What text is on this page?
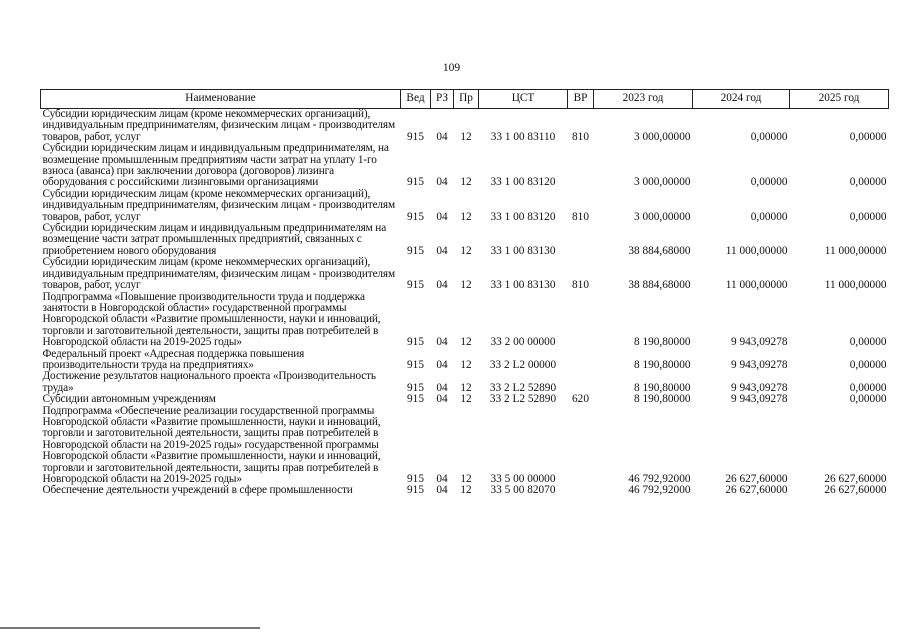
109
Наименование	Вед	РЗ	Пр	ЦСТ	ВР	2023 год	2024 год	2025 год
Субсидии юридическим лицам (кроме некоммерческих организаций), индивидуальным предпринимателям, физическим лицам - производителям товаров, работ, услуг	915	04	12	33 1 00 83110	810	3 000,00000	0,00000	0,00000
Субсидии юридическим лицам и индивидуальным предпринимателям, на возмещение промышленным предприятиям части затрат на уплату 1-го взноса (аванса) при заключении договора (договоров) лизинга оборудования с российскими лизинговыми организациями	915	04	12	33 1 00 83120		3 000,00000	0,00000	0,00000
Субсидии юридическим лицам (кроме некоммерческих организаций), индивидуальным предпринимателям, физическим лицам - производителям товаров, работ, услуг	915	04	12	33 1 00 83120	810	3 000,00000	0,00000	0,00000
Субсидии юридическим лицам и индивидуальным предпринимателям на возмещение части затрат промышленных предприятий, связанных с приобретением нового оборудования	915	04	12	33 1 00 83130		38 884,68000	11 000,00000	11 000,00000
Субсидии юридическим лицам (кроме некоммерческих организаций), индивидуальным предпринимателям, физическим лицам - производителям товаров, работ, услуг	915	04	12	33 1 00 83130	810	38 884,68000	11 000,00000	11 000,00000
Подпрограмма «Повышение производительности труда и поддержка занятости в Новгородской области» государственной программы Новгородской области «Развитие промышленности, науки и инноваций, торговли и заготовительной деятельности, защиты прав потребителей в Новгородской области на 2019-2025 годы»	915	04	12	33 2 00 00000		8 190,80000	9 943,09278	0,00000
Федеральный проект «Адресная поддержка повышения производительности труда на предприятиях»	915	04	12	33 2 L2 00000		8 190,80000	9 943,09278	0,00000
Достижение результатов национального проекта «Производительность труда»	915	04	12	33 2 L2 52890		8 190,80000	9 943,09278	0,00000
Субсидии автономным учреждениям	915	04	12	33 2 L2 52890	620	8 190,80000	9 943,09278	0,00000
Подпрограмма «Обеспечение реализации государственной программы Новгородской области «Развитие промышленности, науки и инноваций, торговли и заготовительной деятельности, защиты прав потребителей в Новгородской области на 2019-2025 годы» государственной программы Новгородской области «Развитие промышленности, науки и инноваций, торговли и заготовительной деятельности, защиты прав потребителей в Новгородской области на 2019-2025 годы»	915	04	12	33 5 00 00000		46 792,92000	26 627,60000	26 627,60000
Обеспечение деятельности учреждений в сфере промышленности	915	04	12	33 5 00 82070		46 792,92000	26 627,60000	26 627,60000
